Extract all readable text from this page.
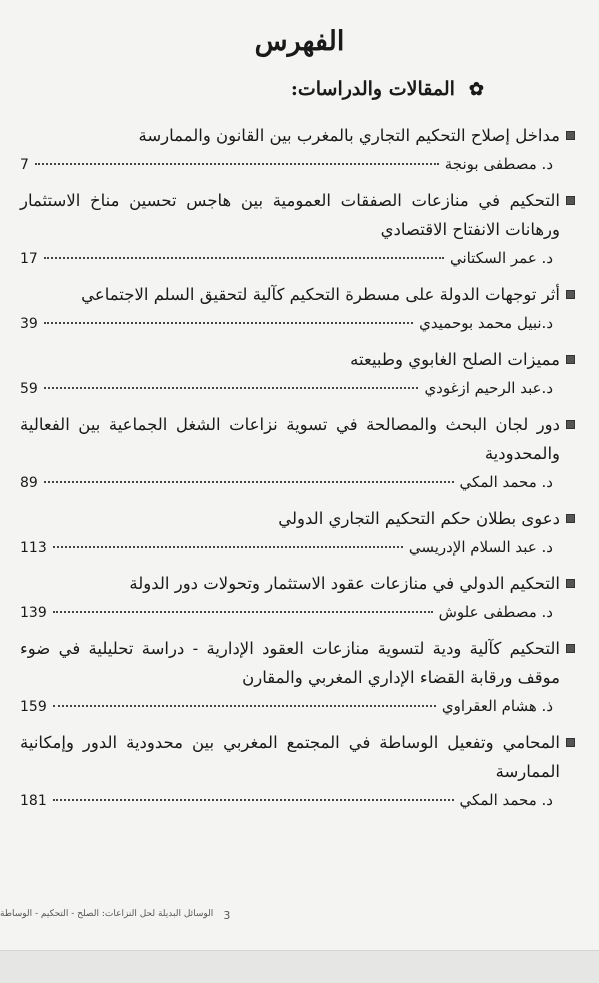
الفهرس
✿
المقالات والدراسات:
مداخل إصلاح التحكيم التجاري بالمغرب بين القانون والممارسة
د. مصطفى بونجة
7
التحكيم في منازعات الصفقات العمومية بين هاجس تحسين مناخ الاستثمار ورهانات الانفتاح الاقتصادي
د. عمر السكتاني
17
أثر توجهات الدولة على مسطرة التحكيم كآلية لتحقيق السلم الاجتماعي
د.نبيل محمد بوحميدي
39
مميزات الصلح الغابوي وطبيعته
د.عبد الرحيم ازغودي
59
دور لجان البحث والمصالحة في تسوية نزاعات الشغل الجماعية بين الفعالية والمحدودية
د. محمد المكي
89
دعوى بطلان حكم التحكيم التجاري الدولي
د. عبد السلام الإدريسي
113
التحكيم الدولي في منازعات عقود الاستثمار وتحولات دور الدولة
د. مصطفى علوش
139
التحكيم كآلية ودية لتسوية منازعات العقود الإدارية - دراسة تحليلية في ضوء موقف ورقابة القضاء الإداري المغربي والمقارن
ذ. هشام العقراوي
159
المحامي وتفعيل الوساطة في المجتمع المغربي بين محدودية الدور وإمكانية الممارسة
د. محمد المكي
181
3
الوسائل البديلة لحل النزاعات: الصلح - التحكيم - الوساطة
